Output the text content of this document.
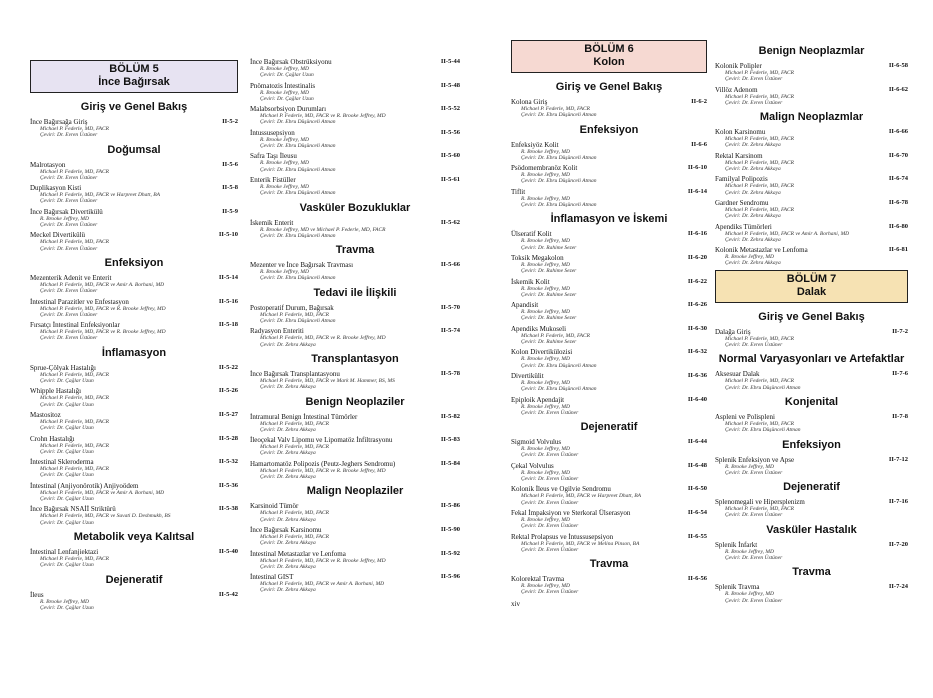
BÖLÜM 5
İnce Bağırsak
Giriş ve Genel Bakış
İnce Bağırsağa Giriş	II-5-2
Michael P. Federle, MD, FACR
Çeviri: Dr. Evren Üstüner
Doğumsal
Malrotasyon	II-5-6
Michael P. Federle, MD, FACR
Çeviri: Dr. Evren Üstüner
Duplikasyon Kisti	II-5-8
Michael P. Federle, MD, FACR ve Harpreet Dhatt, BA
Çeviri: Dr. Evren Üstüner
İnce Bağırsak Divertikülü	II-5-9
R. Brooke Jeffrey, MD
Çeviri: Dr. Evren Üstüner
Meckel Divertikülü	II-5-10
Michael P. Federle, MD, FACR
Çeviri: Dr. Evren Üstüner
Enfeksiyon
Mezenterik Adenit ve Enterit	II-5-14
Michael P. Federle, MD, FACR ve Amir A. Borhani, MD
Çeviri: Dr. Evren Üstüner
İntestinal Parazitler ve Enfestasyon	II-5-16
Michael P. Federle, MD, FACR ve R. Brooke Jeffrey, MD
Çeviri: Dr. Evren Üstüner
Fırsatçı İntestinal Enfeksiyonlar	II-5-18
Michael P. Federle, MD, FACR ve R. Brooke Jeffrey, MD
Çeviri: Dr. Evren Üstüner
İnflamasyon
Sprue-Çölyak Hastalığı	II-5-22
Michael P. Federle, MD, FACR
Çeviri: Dr. Çağlar Uzun
Whipple Hastalığı	II-5-26
Michael P. Federle, MD, FACR
Çeviri: Dr. Çağlar Uzun
Mastositoz	II-5-27
Michael P. Federle, MD, FACR
Çeviri: Dr. Çağlar Uzun
Crohn Hastalığı	II-5-28
Michael P. Federle, MD, FACR
Çeviri: Dr. Çağlar Uzun
İntestinal Skleroderma	II-5-32
Michael P. Federle, MD, FACR
Çeviri: Dr. Çağlar Uzun
İntestinal (Anjiyonörotik) Anjiyoödem	II-5-36
Michael P. Federle, MD, FACR ve Amir A. Borhani, MD
Çeviri: Dr. Çağlar Uzun
İnce Bağırsak NSAİİ Striktürü	II-5-38
Michael P. Federle, MD, FACR ve Suvati D. Deshmukh, BS
Çeviri: Dr. Çağlar Uzun
Metabolik veya Kalıtsal
İntestinal Lenfanjiektazi	II-5-40
Michael P. Federle, MD, FACR
Çeviri: Dr. Çağlar Uzun
Dejeneratif
İleus	II-5-42
R. Brooke Jeffrey, MD
Çeviri: Dr. Çağlar Uzun
İnce Bağırsak Obstrüksiyonu	II-5-44
R. Brooke Jeffrey, MD
Çeviri: Dr. Çağlar Uzun
Pnömatozis İntestinalis	II-5-48
R. Brooke Jeffrey, MD
Çeviri: Dr. Çağlar Uzun
Malabsorbsiyon Durumları	II-5-52
Michael P. Federle, MD, FACR ve R. Brooke Jeffrey, MD
Çeviri: Dr. Ebru Düşünceli Atman
İntussusepsiyon	II-5-56
R. Brooke Jeffrey, MD
Çeviri: Dr. Ebru Düşünceli Atman
Safra Taşı İleusu	II-5-60
R. Brooke Jeffrey, MD
Çeviri: Dr. Ebru Düşünceli Atman
Enterik Fistüller	II-5-61
R. Brooke Jeffrey, MD
Çeviri: Dr. Ebru Düşünceli Atman
Vasküler Bozukluklar
İskemik Enterit	II-5-62
R. Brooke Jeffrey, MD ve Michael P. Federle, MD, FACR
Çeviri: Dr. Ebru Düşünceli Atman
Travma
Mezenter ve İnce Bağırsak Travması	II-5-66
R. Brooke Jeffrey, MD
Çeviri: Dr. Ebru Düşünceli Atman
Tedavi ile İlişkili
Postoperatif Durum, Bağırsak	II-5-70
Michael P. Federle, MD, FACR
Çeviri: Dr. Ebru Düşünceli Atman
Radyasyon Enteriti	II-5-74
Michael P. Federle, MD, FACR ve R. Brooke Jeffrey, MD
Çeviri: Dr. Zehra Akkaya
Transplantasyon
İnce Bağırsak Transplantasyonu	II-5-78
Michael P. Federle, MD, FACR ve Mark M. Hammer, BS, MS
Çeviri: Dr. Zehra Akkaya
Benign Neoplaziler
İntramural Benign İntestinal Tümörler	II-5-82
Michael P. Federle, MD, FACR
Çeviri: Dr. Zehra Akkaya
İleoçekal Valv Lipomu ve Lipomatöz İnfiltrasyonu	II-5-83
Michael P. Federle, MD, FACR
Çeviri: Dr. Zehra Akkaya
Hamartomatöz Polipozis (Peutz-Jeghers Sendromu)	II-5-84
Michael P. Federle, MD, FACR ve R. Brooke Jeffrey, MD
Çeviri: Dr. Zehra Akkaya
Malign Neoplaziler
Karsinoid Tümör	II-5-86
Michael P. Federle, MD, FACR
Çeviri: Dr. Zehra Akkaya
İnce Bağırsak Karsinomu	II-5-90
Michael P. Federle, MD, FACR
Çeviri: Dr. Zehra Akkaya
İntestinal Metastazlar ve Lenfoma	II-5-92
Michael P. Federle, MD, FACR ve R. Brooke Jeffrey, MD
Çeviri: Dr. Zehra Akkaya
İntestinal GIST	II-5-96
Michael P. Federle, MD, FACR ve Amir A. Borhani, MD
Çeviri: Dr. Zehra Akkaya
BÖLÜM 6
Kolon
Giriş ve Genel Bakış
Kolona Giriş	II-6-2
Michael P. Federle, MD, FACR
Çeviri: Dr. Ebru Düşünceli Atman
Enfeksiyon
Enfeksiyöz Kolit	II-6-6
R. Brooke Jeffrey, MD
Çeviri: Dr. Ebru Düşünceli Atman
Psödomembranöz Kolit	II-6-10
R. Brooke Jeffrey, MD
Çeviri: Dr. Ebru Düşünceli Atman
Tiflit	II-6-14
R. Brooke Jeffrey, MD
Çeviri: Dr. Ebru Düşünceli Atman
İnflamasyon ve İskemi
Ülseratif Kolit	II-6-16
R. Brooke Jeffrey, MD
Çeviri: Dr. Rahime Sezer
Toksik Megakolon	II-6-20
R. Brooke Jeffrey, MD
Çeviri: Dr. Rahime Sezer
İskemik Kolit	II-6-22
R. Brooke Jeffrey, MD
Çeviri: Dr. Rahime Sezer
Apandisit	II-6-26
R. Brooke Jeffrey, MD
Çeviri: Dr. Rahime Sezer
Apendiks Mukoseli	II-6-30
Michael P. Federle, MD, FACR
Çeviri: Dr. Rahime Sezer
Kolon Divertikülozisi	II-6-32
R. Brooke Jeffrey, MD
Çeviri: Dr. Ebru Düşünceli Atman
Divertikülit	II-6-36
R. Brooke Jeffrey, MD
Çeviri: Dr. Ebru Düşünceli Atman
Epiploik Apendajit	II-6-40
R. Brooke Jeffrey, MD
Çeviri: Dr. Evren Üstüner
Dejeneratif
Sigmoid Volvulus	II-6-44
R. Brooke Jeffrey, MD
Çeviri: Dr. Evren Üstüner
Çekal Volvulus	II-6-48
R. Brooke Jeffrey, MD
Çeviri: Dr. Evren Üstüner
Kolonik İleus ve Ogilvie Sendromu	II-6-50
Michael P. Federle, MD, FACR ve Harpreet Dhatt, BA
Çeviri: Dr. Evren Üstüner
Fekal İmpaksiyon ve Sterkoral Ülserasyon	II-6-54
R. Brooke Jeffrey, MD
Çeviri: Dr. Evren Üstüner
Rektal Prolapsus ve İntussusepsiyon	II-6-55
Michael P. Federle, MD, FACR ve Melina Pinson, BA
Çeviri: Dr. Evren Üstüner
Travma
Kolorektal Travma	II-6-56
R. Brooke Jeffrey, MD
Çeviri: Dr. Evren Üstüner
xiv
Benign Neoplazmlar
Kolonik Polipler	II-6-58
Michael P. Federle, MD, FACR
Çeviri: Dr. Evren Üstüner
Villöz Adenom	II-6-62
Michael P. Federle, MD, FACR
Çeviri: Dr. Evren Üstüner
Malign Neoplazmlar
Kolon Karsinomu	II-6-66
Michael P. Federle, MD, FACR
Çeviri: Dr. Zehra Akkaya
Rektal Karsinom	II-6-70
Michael P. Federle, MD, FACR
Çeviri: Dr. Zehra Akkaya
Familyal Polipozis	II-6-74
Michael P. Federle, MD, FACR
Çeviri: Dr. Zehra Akkaya
Gardner Sendromu	II-6-78
Michael P. Federle, MD, FACR
Çeviri: Dr. Zehra Akkaya
Apendiks Tümörleri	II-6-80
Michael P. Federle, MD, FACR ve Amir A. Borhani, MD
Çeviri: Dr. Zehra Akkaya
Kolonik Metastazlar ve Lenfoma	II-6-81
R. Brooke Jeffrey, MD
Çeviri: Dr. Zehra Akkaya
BÖLÜM 7
Dalak
Giriş ve Genel Bakış
Dalağa Giriş	II-7-2
Michael P. Federle, MD, FACR
Çeviri: Dr. Evren Üstüner
Normal Varyasyonları ve Artefaktlar
Aksesuar Dalak	II-7-6
Michael P. Federle, MD, FACR
Çeviri: Dr. Ebru Düşünceli Atman
Konjenital
Aspleni ve Polispleni	II-7-8
Michael P. Federle, MD, FACR
Çeviri: Dr. Ebru Düşünceli Atman
Enfeksiyon
Splenik Enfeksiyon ve Apse	II-7-12
R. Brooke Jeffrey, MD
Çeviri: Dr. Evren Üstüner
Dejeneratif
Splenomegali ve Hipersplenizm	II-7-16
Michael P. Federle, MD, FACR
Çeviri: Dr. Evren Üstüner
Vasküler Hastalık
Splenik İnfarkt	II-7-20
R. Brooke Jeffrey, MD
Çeviri: Dr. Evren Üstüner
Travma
Splenik Travma	II-7-24
R. Brooke Jeffrey, MD
Çeviri: Dr. Evren Üstüner
